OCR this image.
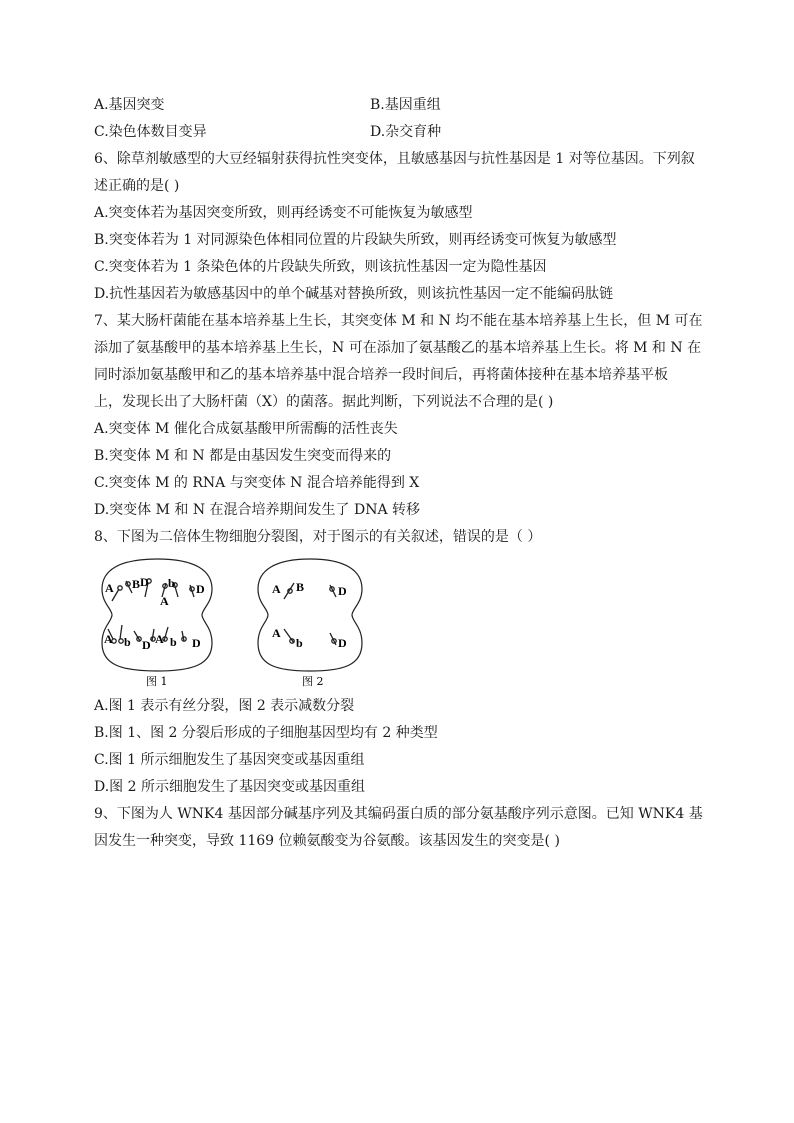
A.基因突变	B.基因重组
C.染色体数目变异	D.杂交育种
6、除草剂敏感型的大豆经辐射获得抗性突变体，且敏感基因与抗性基因是 1 对等位基因。下列叙
述正确的是( )
A.突变体若为基因突变所致，则再经诱变不可能恢复为敏感型
B.突变体若为 1 对同源染色体相同位置的片段缺失所致，则再经诱变可恢复为敏感型
C.突变体若为 1 条染色体的片段缺失所致，则该抗性基因一定为隐性基因
D.抗性基因若为敏感基因中的单个碱基对替换所致，则该抗性基因一定不能编码肽链
7、某大肠杆菌能在基本培养基上生长，其突变体 M 和 N 均不能在基本培养基上生长，但 M 可在
添加了氨基酸甲的基本培养基上生长，N 可在添加了氨基酸乙的基本培养基上生长。将 M 和 N 在
同时添加氨基酸甲和乙的基本培养基中混合培养一段时间后，再将菌体接种在基本培养基平板
上，发现长出了大肠杆菌（X）的菌落。据此判断，下列说法不合理的是( )
A.突变体 M 催化合成氨基酸甲所需酶的活性丧失
B.突变体 M 和 N 都是由基因发生突变而得来的
C.突变体 M 的 RNA 与突变体 N 混合培养能得到 X
D.突变体 M 和 N 在混合培养期间发生了 DNA 转移
8、下图为二倍体生物细胞分裂图，对于图示的有关叙述，错误的是（ ）
A B D b
A
D
A b D A b D
图 1
A B	D
A
b	D
图 2
A.图 1 表示有丝分裂，图 2 表示减数分裂
B.图 1、图 2 分裂后形成的子细胞基因型均有 2 种类型
C.图 1 所示细胞发生了基因突变或基因重组
D.图 2 所示细胞发生了基因突变或基因重组
9、下图为人 WNK4 基因部分碱基序列及其编码蛋白质的部分氨基酸序列示意图。已知 WNK4 基
因发生一种突变，导致 1169 位赖氨酸变为谷氨酸。该基因发生的突变是( )
